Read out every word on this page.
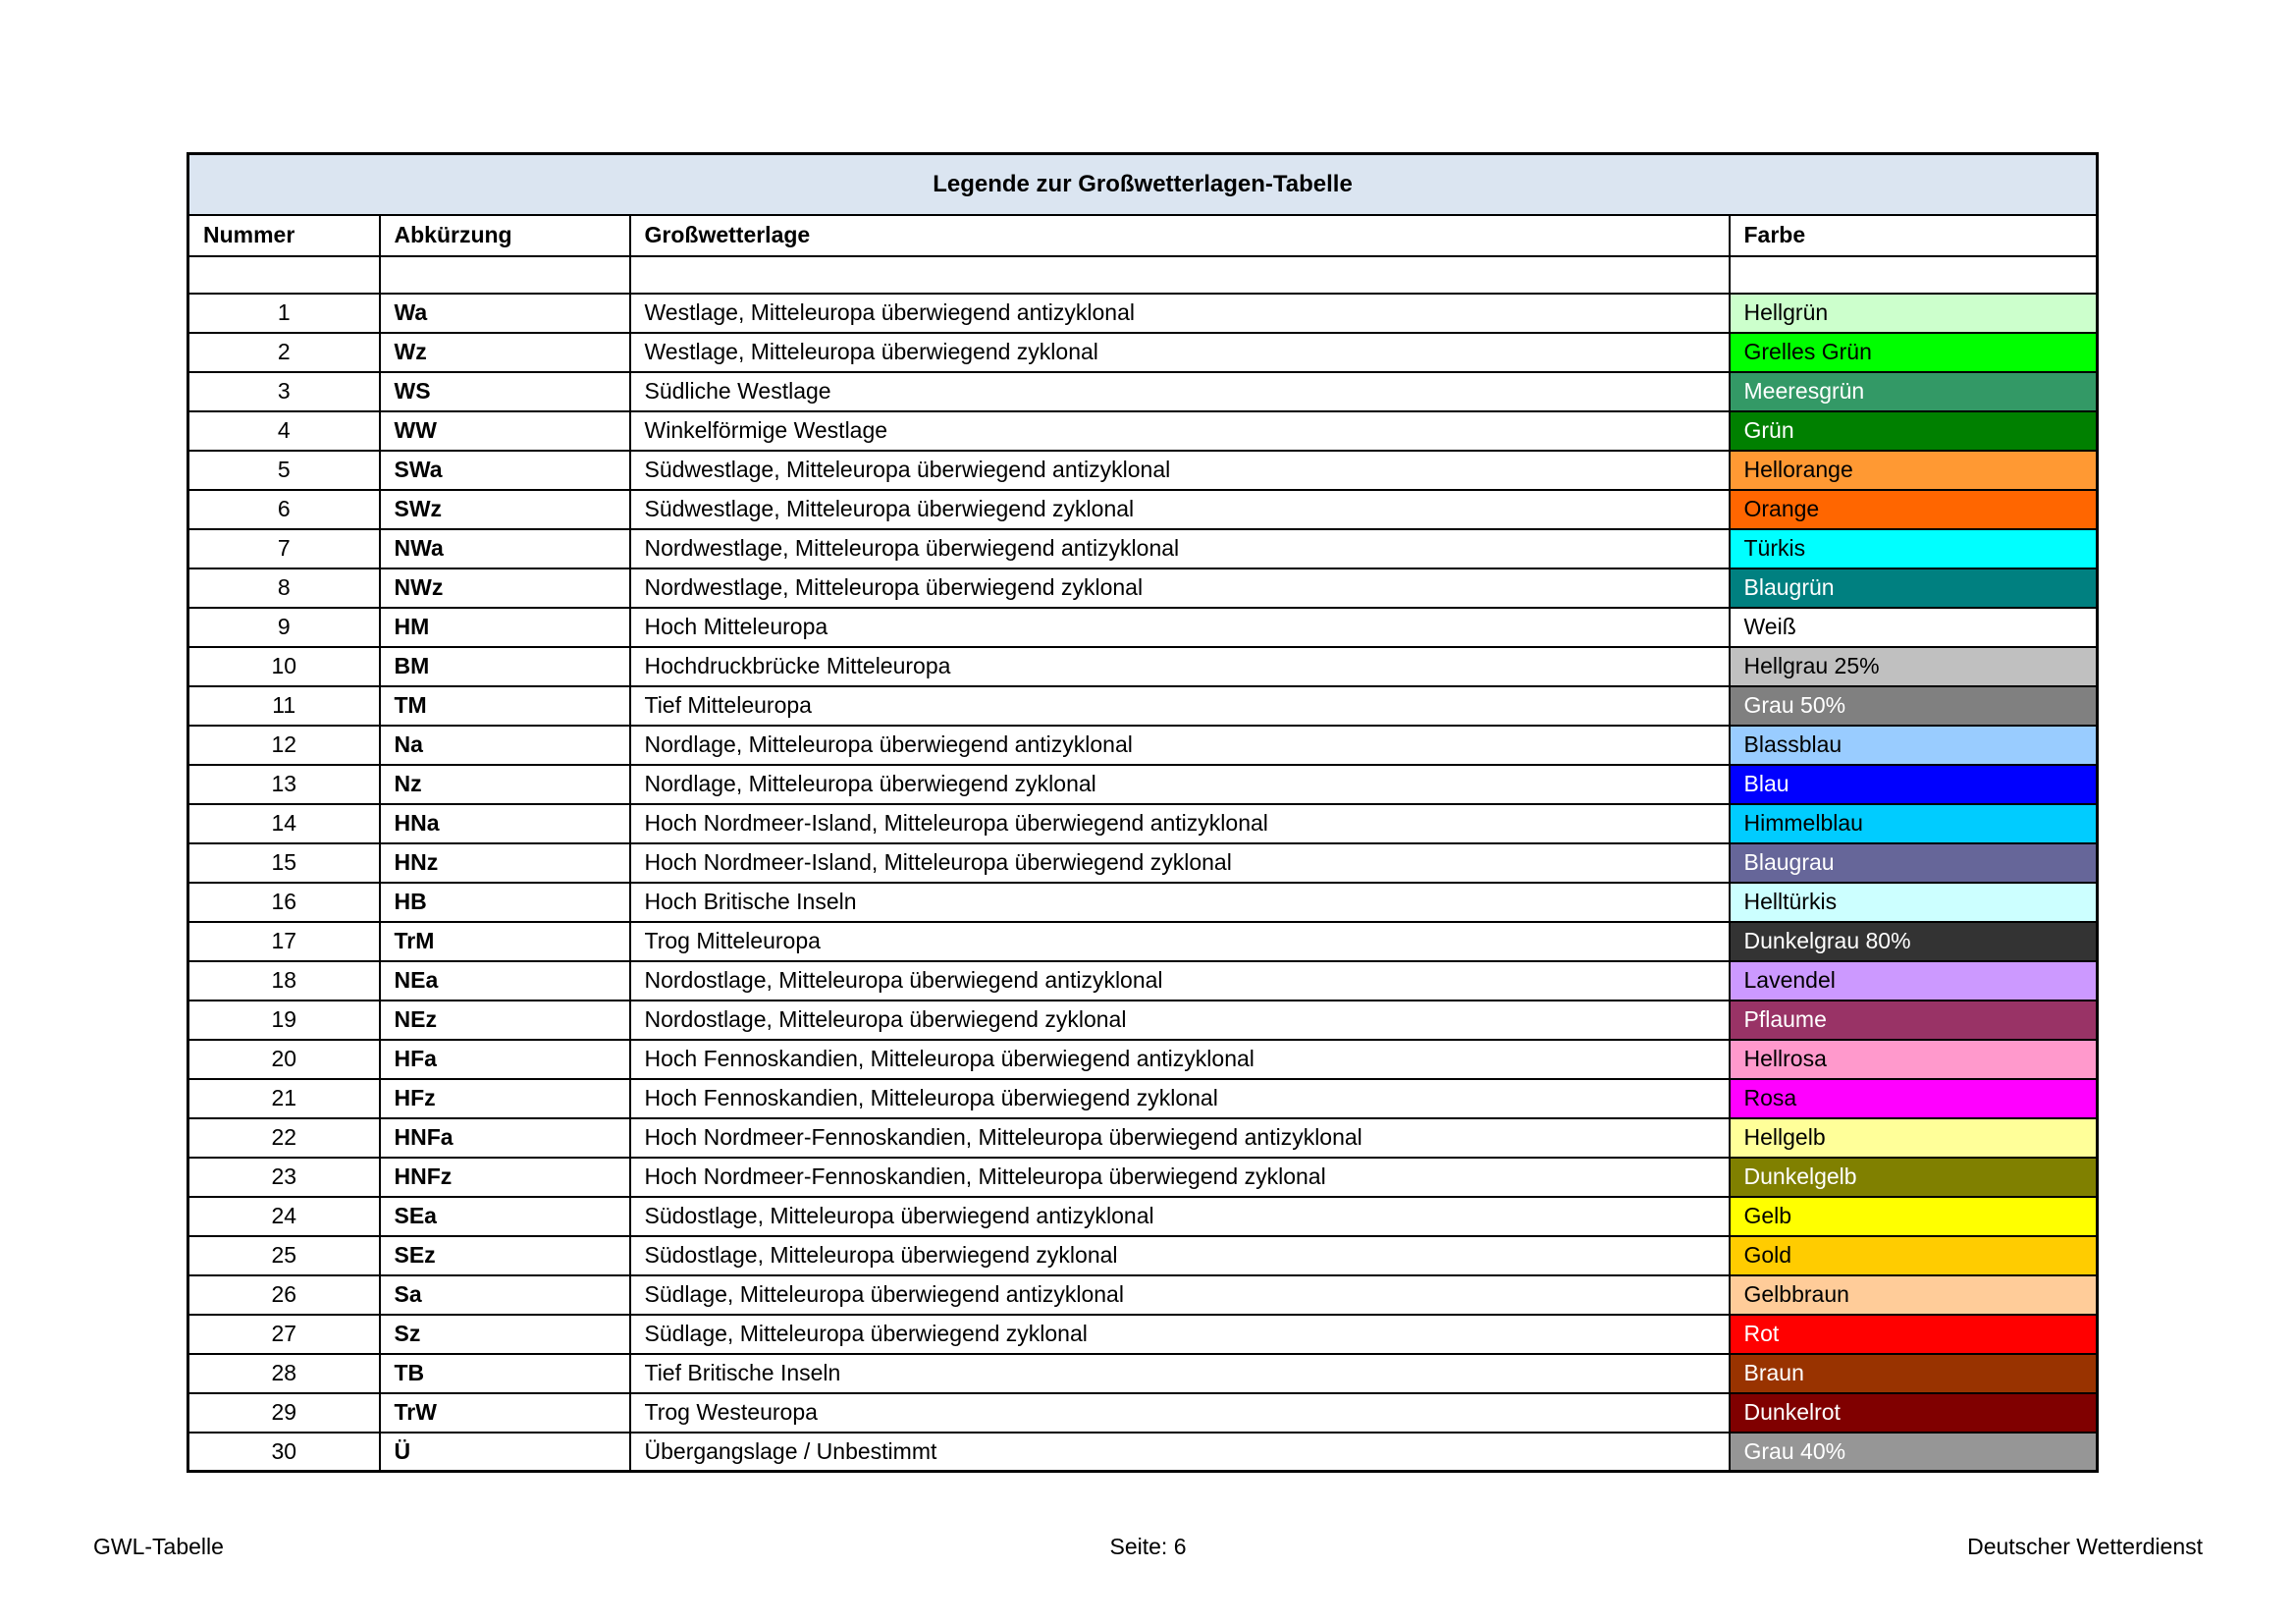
Legende zur Großwetterlagen-Tabelle			
Nummer	Abkürzung	Großwetterlage	Farbe

1	Wa	Westlage, Mitteleuropa überwiegend antizyklonal	Hellgrün
2	Wz	Westlage, Mitteleuropa überwiegend zyklonal	Grelles Grün
3	WS	Südliche Westlage	Meeresgrün
4	WW	Winkelförmige Westlage	Grün
5	SWa	Südwestlage, Mitteleuropa überwiegend antizyklonal	Hellorange
6	SWz	Südwestlage, Mitteleuropa überwiegend zyklonal	Orange
7	NWa	Nordwestlage, Mitteleuropa überwiegend antizyklonal	Türkis
8	NWz	Nordwestlage, Mitteleuropa überwiegend zyklonal	Blaugrün
9	HM	Hoch Mitteleuropa	Weiß
10	BM	Hochdruckbrücke Mitteleuropa	Hellgrau 25%
11	TM	Tief Mitteleuropa	Grau 50%
12	Na	Nordlage, Mitteleuropa überwiegend antizyklonal	Blassblau
13	Nz	Nordlage, Mitteleuropa überwiegend zyklonal	Blau
14	HNa	Hoch Nordmeer-Island, Mitteleuropa überwiegend antizyklonal	Himmelblau
15	HNz	Hoch Nordmeer-Island, Mitteleuropa überwiegend zyklonal	Blaugrau
16	HB	Hoch Britische Inseln	Helltürkis
17	TrM	Trog Mitteleuropa	Dunkelgrau 80%
18	NEa	Nordostlage, Mitteleuropa überwiegend antizyklonal	Lavendel
19	NEz	Nordostlage, Mitteleuropa überwiegend zyklonal	Pflaume
20	HFa	Hoch Fennoskandien, Mitteleuropa überwiegend antizyklonal	Hellrosa
21	HFz	Hoch Fennoskandien, Mitteleuropa überwiegend zyklonal	Rosa
22	HNFa	Hoch Nordmeer-Fennoskandien, Mitteleuropa überwiegend antizyklonal	Hellgelb
23	HNFz	Hoch Nordmeer-Fennoskandien, Mitteleuropa überwiegend zyklonal	Dunkelgelb
24	SEa	Südostlage, Mitteleuropa überwiegend antizyklonal	Gelb
25	SEz	Südostlage, Mitteleuropa überwiegend zyklonal	Gold
26	Sa	Südlage, Mitteleuropa überwiegend antizyklonal	Gelbbraun
27	Sz	Südlage, Mitteleuropa überwiegend zyklonal	Rot
28	TB	Tief Britische Inseln	Braun
29	TrW	Trog Westeuropa	Dunkelrot
30	Ü	Übergangslage / Unbestimmt	Grau 40%
Seite: 6
GWL-Tabelle	Deutscher Wetterdienst
